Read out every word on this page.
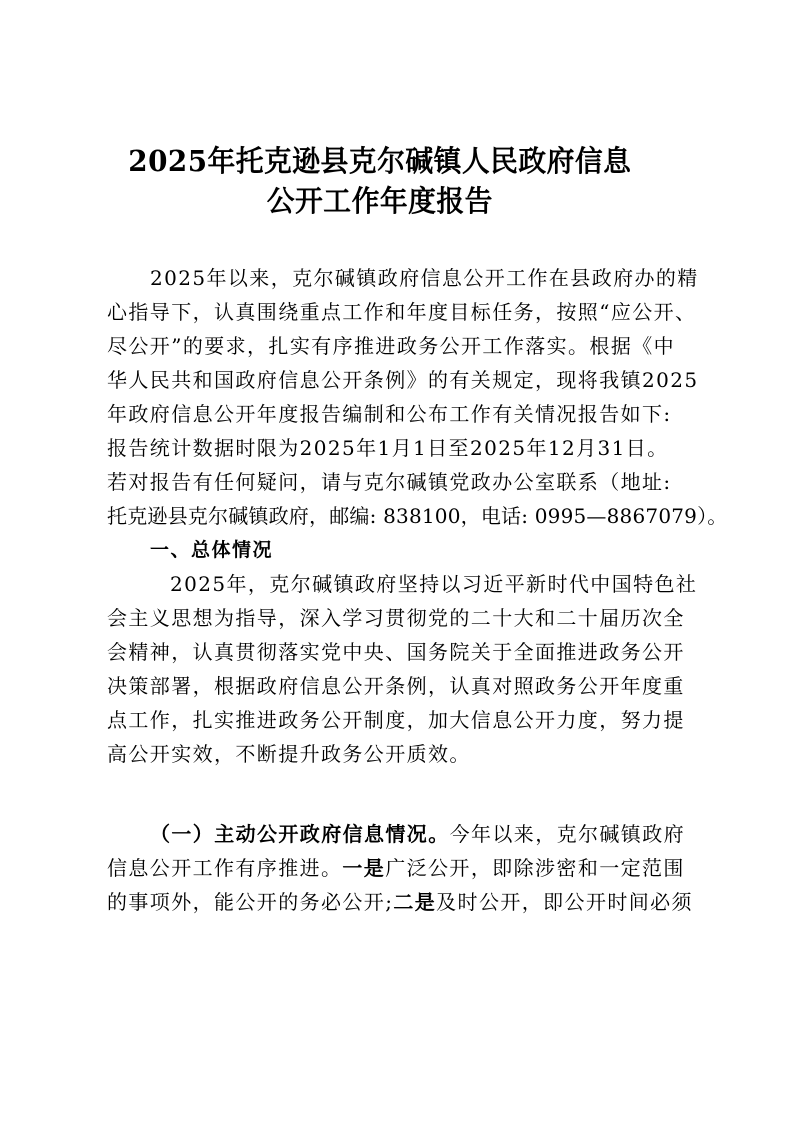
2025年托克逊县克尔碱镇人民政府信息
公开工作年度报告
2025年以来，克尔碱镇政府信息公开工作在县政府办的精
心指导下，认真围绕重点工作和年度目标任务，按照“应公开、
尽公开”的要求，扎实有序推进政务公开工作落实。根据《中
华人民共和国政府信息公开条例》的有关规定，现将我镇2025
年政府信息公开年度报告编制和公布工作有关情况报告如下:
报告统计数据时限为2025年1月1日至2025年12月31日。
若对报告有任何疑问，请与克尔碱镇党政办公室联系（地址:
托克逊县克尔碱镇政府，邮编: 838100，电话: 0995—8867079）。
一、总体情况
2025年，克尔碱镇政府坚持以习近平新时代中国特色社
会主义思想为指导，深入学习贯彻党的二十大和二十届历次全
会精神，认真贯彻落实党中央、国务院关于全面推进政务公开
决策部署，根据政府信息公开条例，认真对照政务公开年度重
点工作，扎实推进政务公开制度，加大信息公开力度，努力提
高公开实效，不断提升政务公开质效。
（一）主动公开政府信息情况。今年以来，克尔碱镇政府
信息公开工作有序推进。一是广泛公开，即除涉密和一定范围
的事项外，能公开的务必公开;二是及时公开，即公开时间必须
